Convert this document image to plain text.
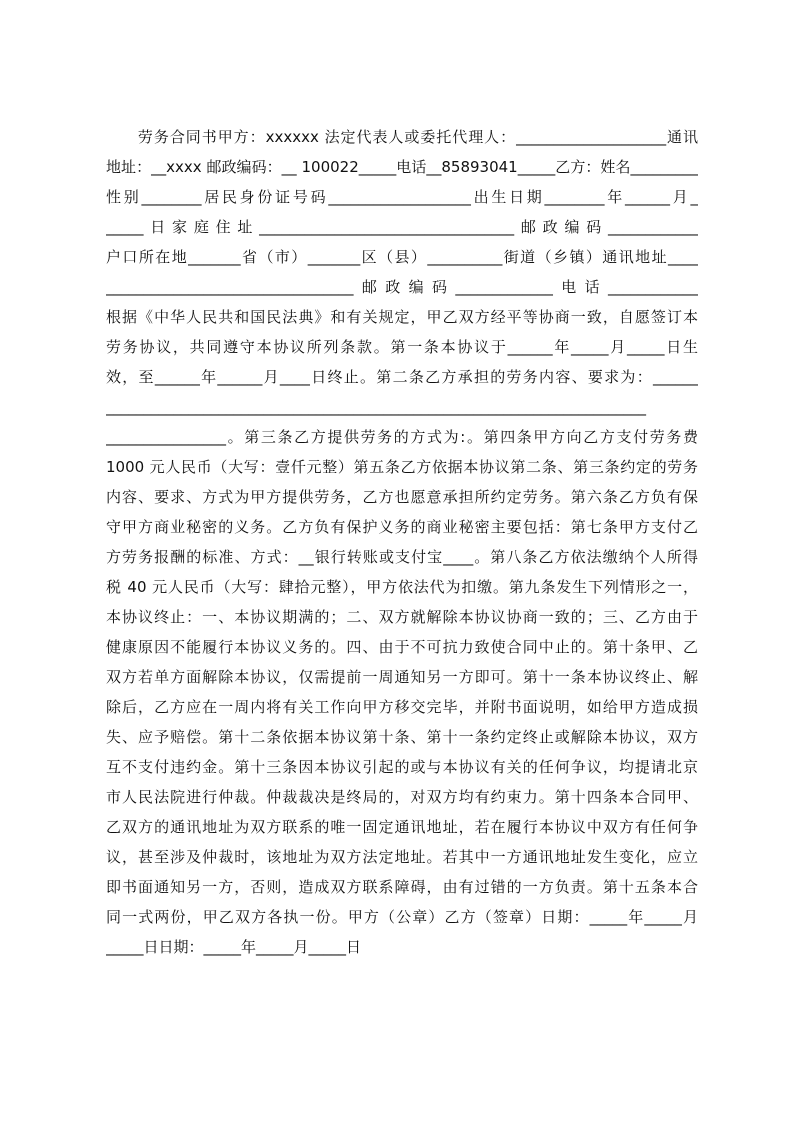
　　劳务合同书甲方：xxxxxx 法定代表人或委托代理人：____________________通讯
地址：__xxxx 邮政编码：__ 100022_____电话__85893041_____乙方：姓名_________
性别________居民身份证号码___________________出生日期________年______月_
_____日家庭住址__________________________________邮政编码____________
户口所在地_______省（市）_______区（县）__________街道（乡镇）通讯地址____
_________________________________邮政编码_____________电话____________
根据《中华人民共和国民法典》和有关规定，甲乙双方经平等协商一致，自愿签订本
劳务协议，共同遵守本协议所列条款。第一条本协议于______年_____月_____日生
效，至______年______月____日终止。第二条乙方承担的劳务内容、要求为：______
________________________________________________________________________
________________。第三条乙方提供劳务的方式为:。第四条甲方向乙方支付劳务费
1000 元人民币（大写：壹仟元整）第五条乙方依据本协议第二条、第三条约定的劳务
内容、要求、方式为甲方提供劳务，乙方也愿意承担所约定劳务。第六条乙方负有保
守甲方商业秘密的义务。乙方负有保护义务的商业秘密主要包括：第七条甲方支付乙
方劳务报酬的标准、方式：__银行转账或支付宝____。第八条乙方依法缴纳个人所得
税 40 元人民币（大写：肆拾元整），甲方依法代为扣缴。第九条发生下列情形之一，
本协议终止：一、本协议期满的；二、双方就解除本协议协商一致的；三、乙方由于
健康原因不能履行本协议义务的。四、由于不可抗力致使合同中止的。第十条甲、乙
双方若单方面解除本协议，仅需提前一周通知另一方即可。第十一条本协议终止、解
除后，乙方应在一周内将有关工作向甲方移交完毕，并附书面说明，如给甲方造成损
失、应予赔偿。第十二条依据本协议第十条、第十一条约定终止或解除本协议，双方
互不支付违约金。第十三条因本协议引起的或与本协议有关的任何争议，均提请北京
市人民法院进行仲裁。仲裁裁决是终局的，对双方均有约束力。第十四条本合同甲、
乙双方的通讯地址为双方联系的唯一固定通讯地址，若在履行本协议中双方有任何争
议，甚至涉及仲裁时，该地址为双方法定地址。若其中一方通讯地址发生变化，应立
即书面通知另一方，否则，造成双方联系障碍，由有过错的一方负责。第十五条本合
同一式两份，甲乙双方各执一份。甲方（公章）乙方（签章）日期：_____年_____月
_____日日期：_____年_____月_____日
